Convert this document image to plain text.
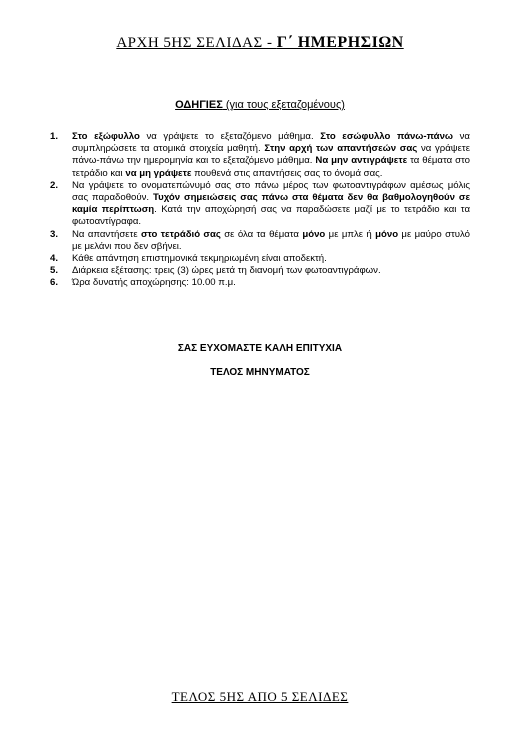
ΑΡΧΗ 5ΗΣ ΣΕΛΙΔΑΣ - Γ΄ ΗΜΕΡΗΣΙΩΝ
ΟΔΗΓΙΕΣ (για τους εξεταζομένους)
1. Στο εξώφυλλο να γράψετε το εξεταζόμενο μάθημα. Στο εσώφυλλο πάνω-πάνω να συμπληρώσετε τα ατομικά στοιχεία μαθητή. Στην αρχή των απαντήσεών σας να γράψετε πάνω-πάνω την ημερομηνία και το εξεταζόμενο μάθημα. Να μην αντιγράψετε τα θέματα στο τετράδιο και να μη γράψετε πουθενά στις απαντήσεις σας το όνομά σας.
2. Να γράψετε το ονοματεπώνυμό σας στο πάνω μέρος των φωτοαντιγράφων αμέσως μόλις σας παραδοθούν. Τυχόν σημειώσεις σας πάνω στα θέματα δεν θα βαθμολογηθούν σε καμία περίπτωση. Κατά την αποχώρησή σας να παραδώσετε μαζί με το τετράδιο και τα φωτοαντίγραφα.
3. Να απαντήσετε στο τετράδιό σας σε όλα τα θέματα μόνο με μπλε ή μόνο με μαύρο στυλό με μελάνι που δεν σβήνει.
4. Κάθε απάντηση επιστημονικά τεκμηριωμένη είναι αποδεκτή.
5. Διάρκεια εξέτασης: τρεις (3) ώρες μετά τη διανομή των φωτοαντιγράφων.
6. Ώρα δυνατής αποχώρησης: 10.00 π.μ.
ΣΑΣ ΕΥΧΟΜΑΣΤΕ ΚΑΛΗ ΕΠΙΤΥΧΙΑ
ΤΕΛΟΣ ΜΗΝΥΜΑΤΟΣ
ΤΕΛΟΣ 5ΗΣ ΑΠΟ 5 ΣΕΛΙΔΕΣ
